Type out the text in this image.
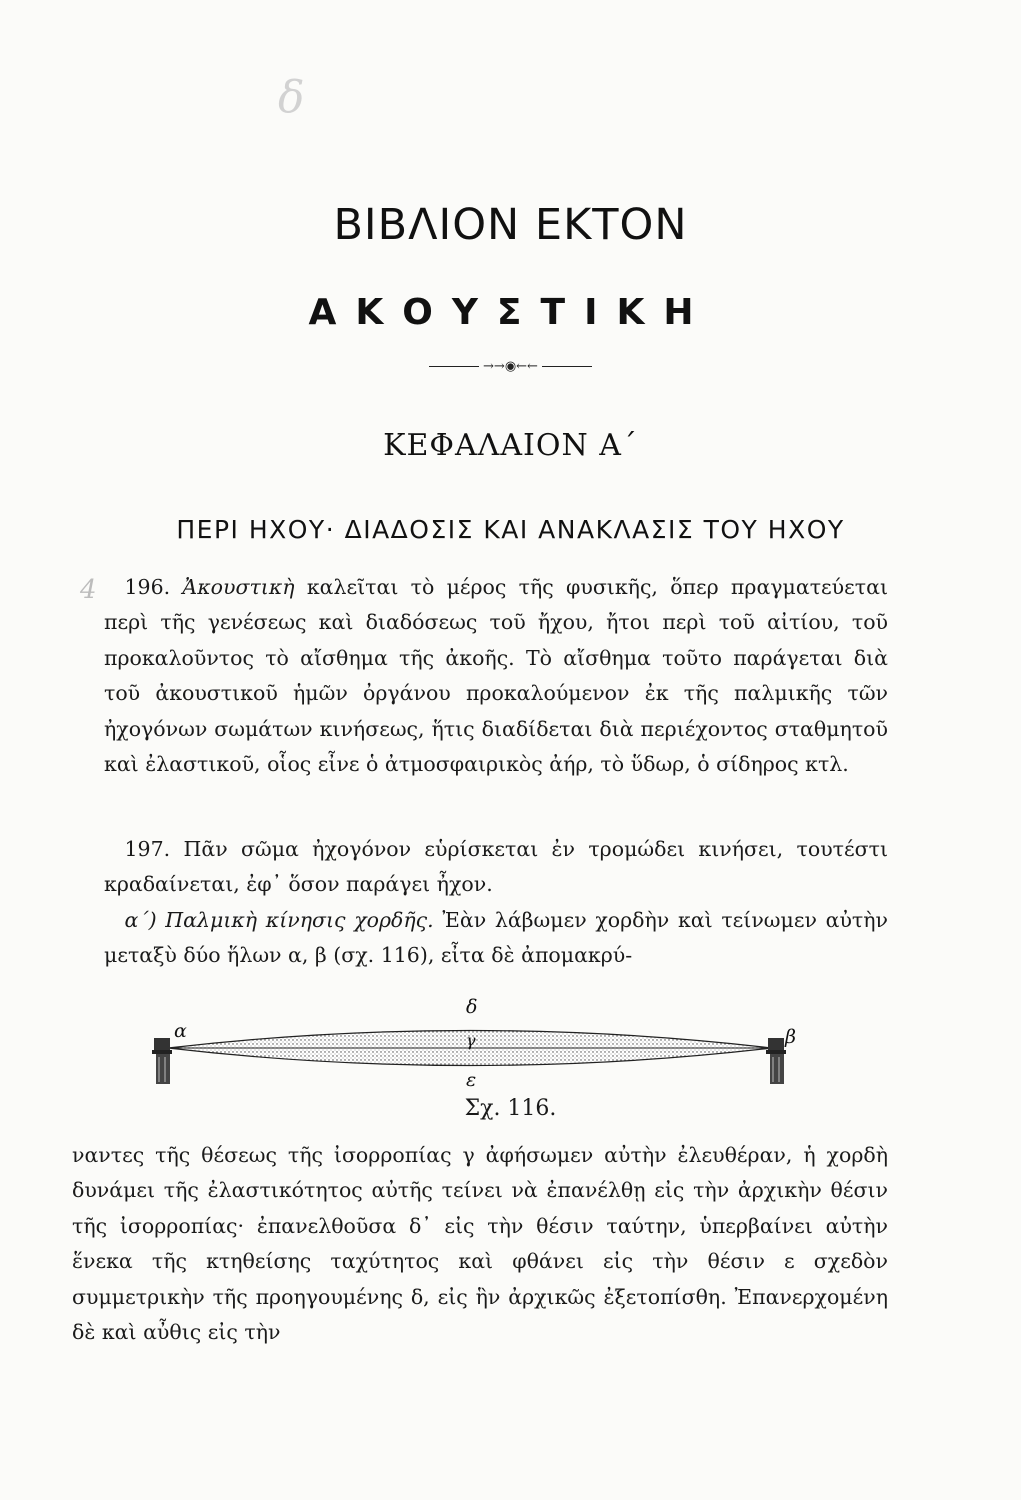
δ
ΒΙΒΛΙΟΝ ΕΚΤΟΝ
ΑΚΟΥΣΤΙΚΗ
→→◉←←
ΚΕΦΑΛΑΙΟΝ Α΄
ΠΕΡΙ ΗΧΟΥ· ΔΙΑΔΟΣΙΣ ΚΑΙ ΑΝΑΚΛΑΣΙΣ ΤΟΥ ΗΧΟΥ
4	196. Ἀκουστικὴ καλεῖται τὸ μέρος τῆς φυσικῆς, ὅπερ πραγματεύεται περὶ τῆς γενέσεως καὶ διαδόσεως τοῦ ἤχου, ἤτοι περὶ τοῦ αἰτίου, τοῦ προκαλοῦντος τὸ αἴσθημα τῆς ἀκοῆς. Τὸ αἴσθημα τοῦτο παράγεται διὰ τοῦ ἀκουστικοῦ ἡμῶν ὀργάνου προκαλούμενον ἐκ τῆς παλμικῆς τῶν ἠχογόνων σωμάτων κινήσεως, ἥτις διαδίδεται διὰ περιέχοντος σταθμητοῦ καὶ ἐλαστικοῦ, οἷος εἶνε ὁ ἀτμοσφαιρικὸς ἀήρ, τὸ ὕδωρ, ὁ σίδηρος κτλ.

197. Πᾶν σῶμα ἠχογόνον εὑρίσκεται ἐν τρομώδει κινήσει, τουτέστι κραδαίνεται, ἐφ᾽ ὅσον παράγει ἦχον.

α΄) Παλμικὴ κίνησις χορδῆς. Ἐὰν λάβωμεν χορδὴν καὶ τείνωμεν αὐτὴν μεταξὺ δύο ἥλων α, β (σχ. 116), εἶτα δὲ ἀπομακρύ-

α	β
δ
γ
ε
Σχ. 116.

ναντες τῆς θέσεως τῆς ἰσορροπίας γ ἀφήσωμεν αὐτὴν ἐλευθέραν, ἡ χορδὴ δυνάμει τῆς ἐλαστικότητος αὐτῆς τείνει νὰ ἐπανέλθῃ εἰς τὴν ἀρχικὴν θέσιν τῆς ἰσορροπίας· ἐπανελθοῦσα δ᾽ εἰς τὴν θέσιν ταύτην, ὑπερβαίνει αὐτὴν ἕνεκα τῆς κτηθείσης ταχύτητος καὶ φθάνει εἰς τὴν θέσιν ε σχεδὸν συμμετρικὴν τῆς προηγουμένης δ, εἰς ἣν ἀρχικῶς ἐξετοπίσθη. Ἐπανερχομένη δὲ καὶ αὖθις εἰς τὴν
